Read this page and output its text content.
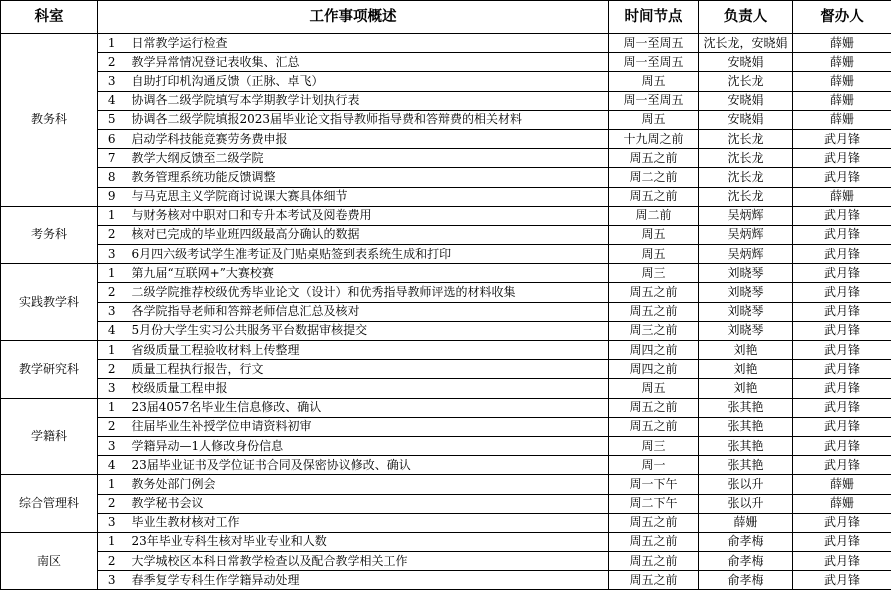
科室	工作事项概述		时间节点	负责人	督办人
教务科	1	日常教学运行检查	周一至周五	沈长龙，安晓娟	薛姗
	2	教学异常情况登记表收集、汇总	周一至周五	安晓娟	薛姗
	3	自助打印机沟通反馈（正脉、卓飞）	周五	沈长龙	薛姗
	4	协调各二级学院填写本学期教学计划执行表	周一至周五	安晓娟	薛姗
	5	协调各二级学院填报2023届毕业论文指导教师指导费和答辩费的相关材料	周五	安晓娟	薛姗
	6	启动学科技能竞赛劳务费申报	十九周之前	沈长龙	武月锋
	7	教学大纲反馈至二级学院	周五之前	沈长龙	武月锋
	8	教务管理系统功能反馈调整	周二之前	沈长龙	武月锋
	9	与马克思主义学院商讨说课大赛具体细节	周五之前	沈长龙	薛姗
考务科	1	与财务核对中职对口和专升本考试及阅卷费用	周二前	吴炳辉	武月锋
	2	核对已完成的毕业班四级最高分确认的数据	周五	吴炳辉	武月锋
	3	6月四六级考试学生准考证及门贴桌贴签到表系统生成和打印	周五	吴炳辉	武月锋
实践教学科	1	第九届“互联网+”大赛校赛	周三	刘晓琴	武月锋
	2	二级学院推荐校级优秀毕业论文（设计）和优秀指导教师评选的材料收集	周五之前	刘晓琴	武月锋
	3	各学院指导老师和答辩老师信息汇总及核对	周五之前	刘晓琴	武月锋
	4	5月份大学生实习公共服务平台数据审核提交	周三之前	刘晓琴	武月锋
教学研究科	1	省级质量工程验收材料上传整理	周四之前	刘艳	武月锋
	2	质量工程执行报告，行文	周四之前	刘艳	武月锋
	3	校级质量工程申报	周五	刘艳	武月锋
学籍科	1	23届4057名毕业生信息修改、确认	周五之前	张其艳	武月锋
	2	往届毕业生补授学位申请资料初审	周五之前	张其艳	武月锋
	3	学籍异动—1人修改身份信息	周三	张其艳	武月锋
	4	23届毕业证书及学位证书合同及保密协议修改、确认	周一	张其艳	武月锋
综合管理科	1	教务处部门例会	周一下午	张以升	薛姗
	2	教学秘书会议	周二下午	张以升	薛姗
	3	毕业生教材核对工作	周五之前	薛姗	武月锋
南区	1	23年毕业专科生核对毕业专业和人数	周五之前	俞孝梅	武月锋
	2	大学城校区本科日常教学检查以及配合教学相关工作	周五之前	俞孝梅	武月锋
	3	春季复学专科生作学籍异动处理	周五之前	俞孝梅	武月锋
